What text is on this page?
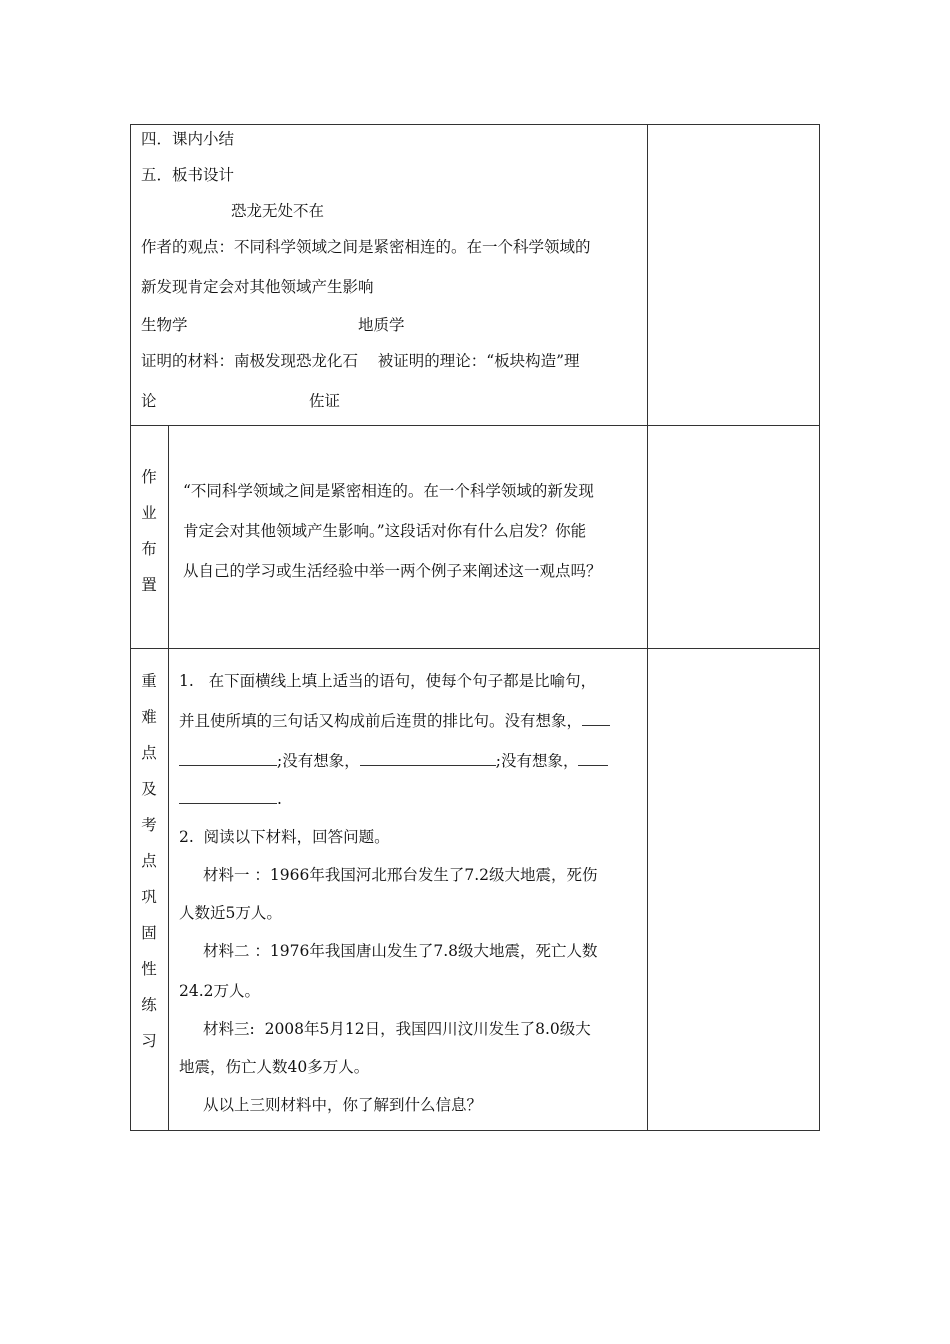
四．课内小结
五．板书设计
恐龙无处不在
作者的观点：不同科学领域之间是紧密相连的。在一个科学领域的
新发现肯定会对其他领域产生影响
生物学	地质学
证明的材料：南极发现恐龙化石    被证明的理论：“板块构造”理
论	佐证
作
业
布
置
“不同科学领域之间是紧密相连的。在一个科学领域的新发现
肯定会对其他领域产生影响。”这段话对你有什么启发？你能
从自己的学习或生活经验中举一两个例子来阐述这一观点吗？
重
难
点
及
考
点
巩
固
性
练
习
1.   在下面横线上填上适当的语句，使每个句子都是比喻句，
并且使所填的三句话又构成前后连贯的排比句。没有想象，
;没有想象，	;没有想象，
.
2.  阅读以下材料，回答问题。
材料一 ：1966年我国河北邢台发生了7.2级大地震，死伤
人数近5万人。
材料二 ：1976年我国唐山发生了7.8级大地震，死亡人数
24.2万人。
材料三:  2008年5月12日，我国四川汶川发生了8.0级大
地震，伤亡人数40多万人。
从以上三则材料中，你了解到什么信息？
